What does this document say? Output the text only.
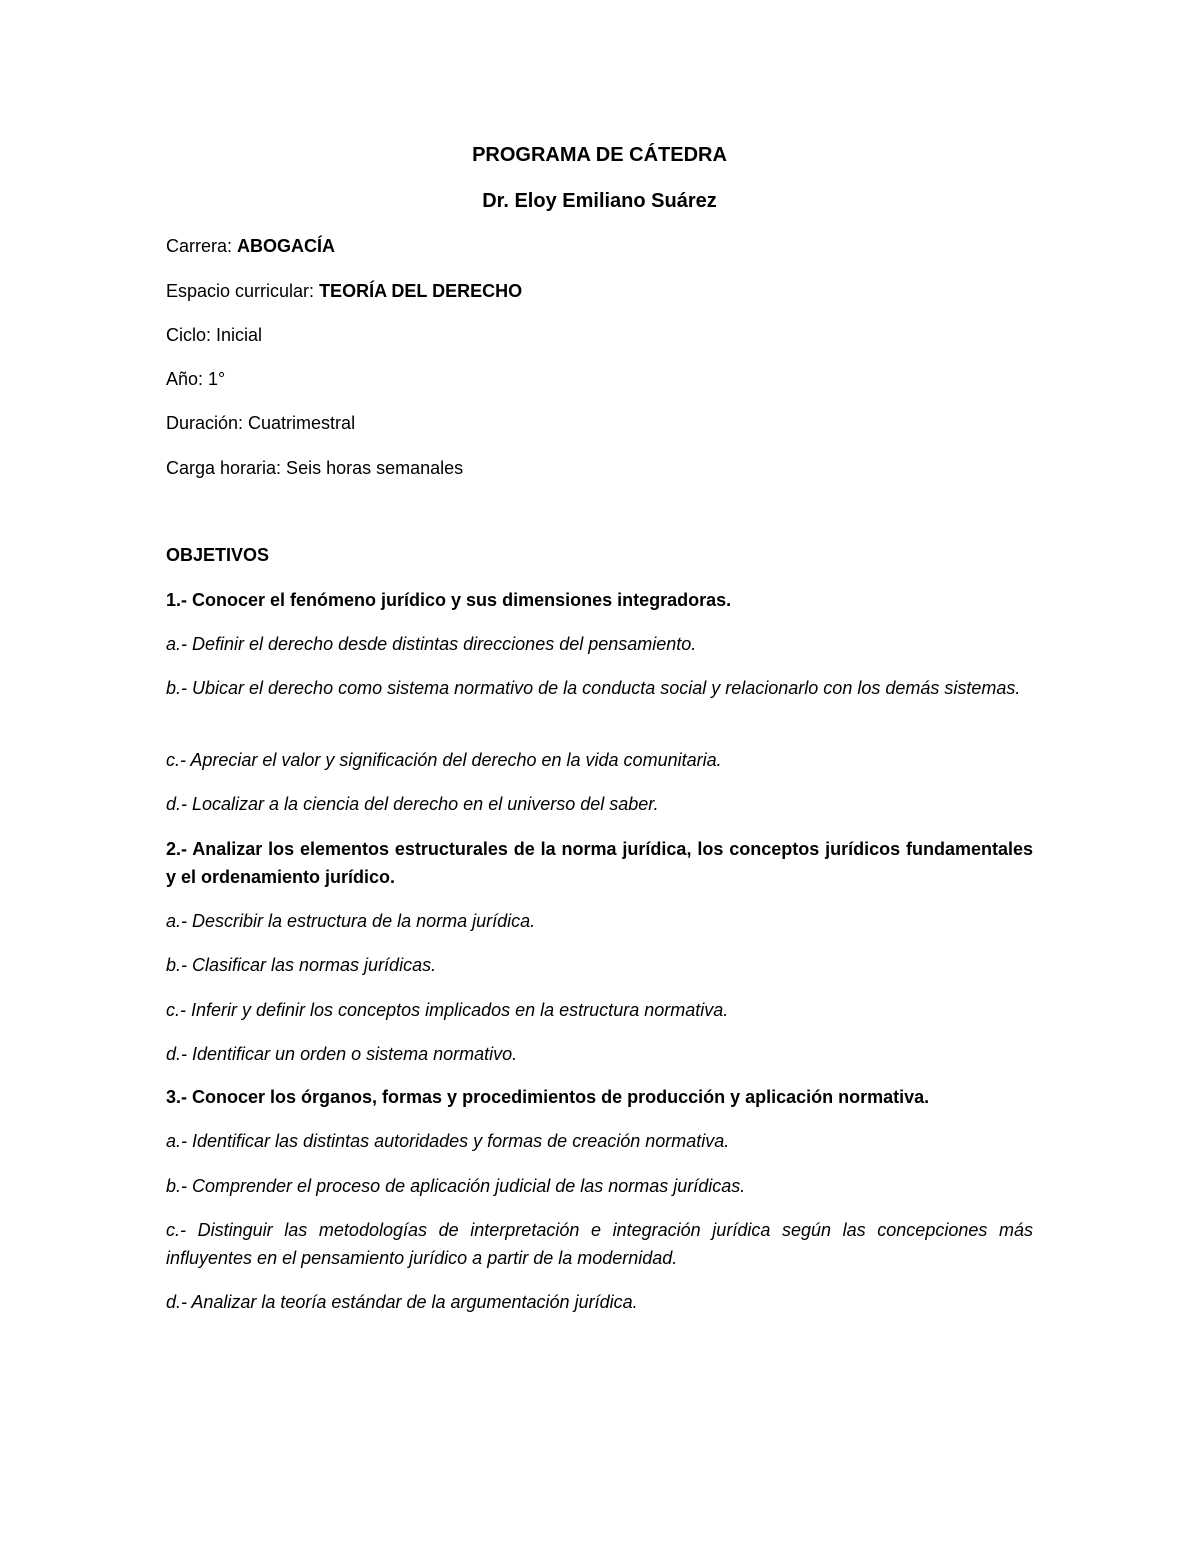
PROGRAMA DE CÁTEDRA
Dr. Eloy Emiliano Suárez
Carrera: ABOGACÍA
Espacio curricular: TEORÍA DEL DERECHO
Ciclo: Inicial
Año: 1°
Duración: Cuatrimestral
Carga horaria: Seis horas semanales
OBJETIVOS
1.- Conocer el fenómeno jurídico y sus dimensiones integradoras.
a.- Definir el derecho desde distintas direcciones del pensamiento.
b.- Ubicar el derecho como sistema normativo de la conducta social y relacionarlo con los demás sistemas.
c.- Apreciar el valor y significación del derecho en la vida comunitaria.
d.- Localizar a la ciencia del derecho en el universo del saber.
2.- Analizar los elementos estructurales de la norma jurídica, los conceptos jurídicos fundamentales y el ordenamiento jurídico.
a.- Describir la estructura de la norma jurídica.
b.- Clasificar las normas jurídicas.
c.- Inferir y definir los conceptos implicados en la estructura normativa.
d.- Identificar un orden o sistema normativo.
3.- Conocer los órganos, formas y procedimientos de producción y aplicación normativa.
a.- Identificar las distintas autoridades y formas de creación normativa.
b.- Comprender el proceso de aplicación judicial de las normas jurídicas.
c.- Distinguir las metodologías de interpretación e integración jurídica según las concepciones más influyentes en el pensamiento jurídico a partir de la modernidad.
d.- Analizar la teoría estándar de la argumentación jurídica.
